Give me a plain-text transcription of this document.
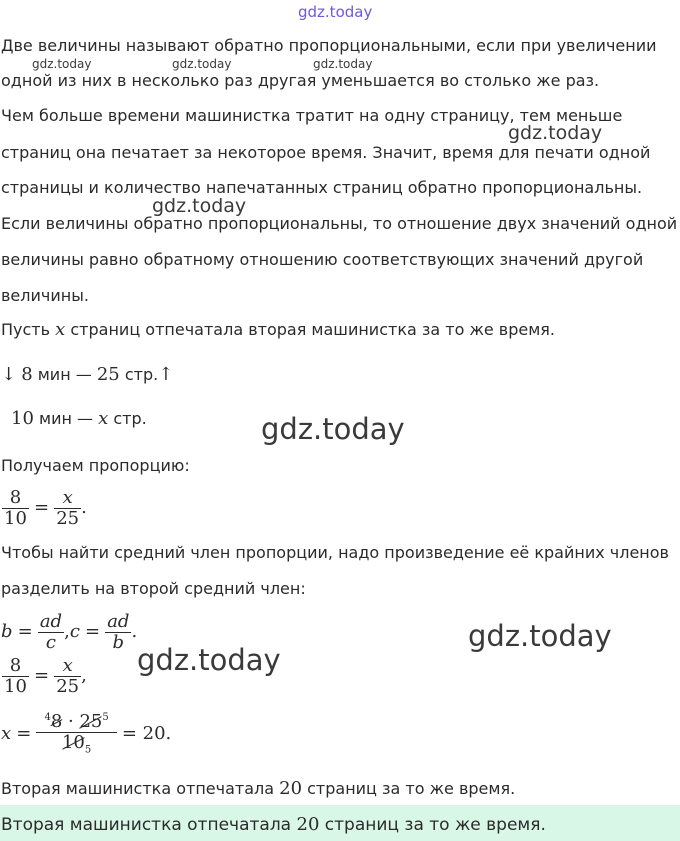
gdz.today
gdz.today	gdz.today	gdz.today
gdz.today
gdz.today
gdz.today
gdz.today
gdz.today
Две величины называют обратно пропорциональными, если при увеличении
одной из них в несколько раз другая уменьшается во столько же раз.
Чем больше времени машинистка тратит на одну страницу, тем меньше
страниц она печатает за некоторое время. Значит, время для печати одной
страницы и количество напечатанных страниц обратно пропорциональны.
Если величины обратно пропорциональны, то отношение двух значений одной
величины равно обратному отношению соответствующих значений другой
величины.
Пусть x страниц отпечатала вторая машинистка за то же время.
↓ 8 мин — 25 стр.↑
10 мин — x стр.
Получаем пропорцию:
$\frac{8}{10} = \frac{x}{25}$ .
Чтобы найти средний член пропорции, надо произведение её крайних членов
разделить на второй средний член:
$b = \frac{ad}{c} ,c = \frac{ad}{b}$ .
$\frac{8}{10} = \frac{x}{25}$ ,
$x = \frac{^48 \cdot 25^5}{10_5} = 20$.
Вторая машинистка отпечатала 20 страниц за то же время.
Вторая машинистка отпечатала 20 страниц за то же время.
